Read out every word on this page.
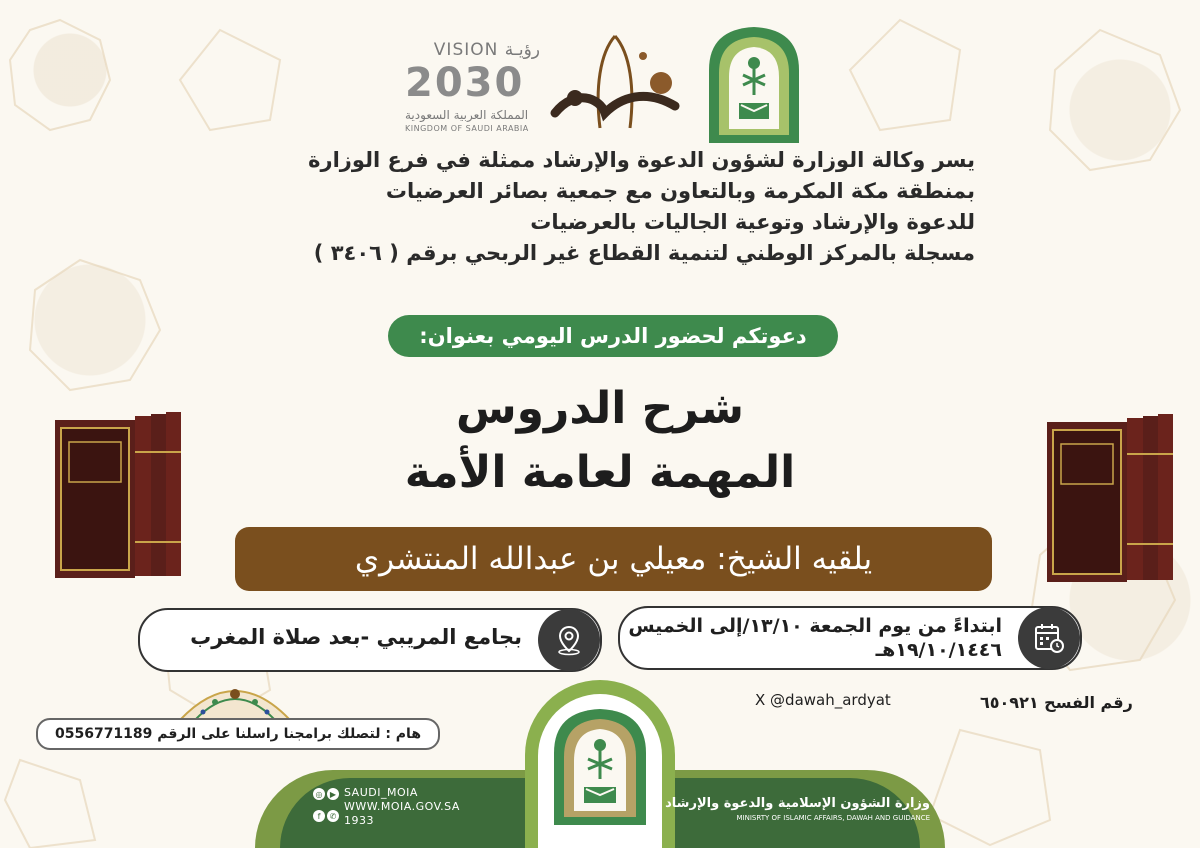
VISION رؤيـة
2030
المملكة العربية السعودية
KINGDOM OF SAUDI ARABIA
يسر وكالة الوزارة لشؤون الدعوة والإرشاد ممثلة في فرع الوزارة
بمنطقة مكة المكرمة وبالتعاون مع جمعية بصائر العرضيات
للدعوة والإرشاد وتوعية الجاليات بالعرضيات
مسجلة بالمركز الوطني لتنمية القطاع غير الربحي برقم ( ٣٤٠٦ )
دعوتكم لحضور الدرس اليومي بعنوان:
شرح الدروس
المهمة لعامة الأمة
يلقيه الشيخ: معيلي بن عبدالله المنتشري
ابتداءً من يوم الجمعة ١٣/١٠/إلى الخميس
١٩/١٠/١٤٤٦هـ
بجامع المريبي -بعد صلاة المغرب
X @dawah_ardyat	رقم الفسح ٦٥٠٩٢١
هام : لتصلك برامجنا راسلنا على الرقم 0556771189
◎ ▶
f	✆
SAUDI_MOIA
WWW.MOIA.GOV.SA
1933
وزارة الشؤون الإسلامية والدعوة والإرشاد
MINISRTY OF ISLAMIC AFFAIRS, DAWAH AND GUIDANCE
